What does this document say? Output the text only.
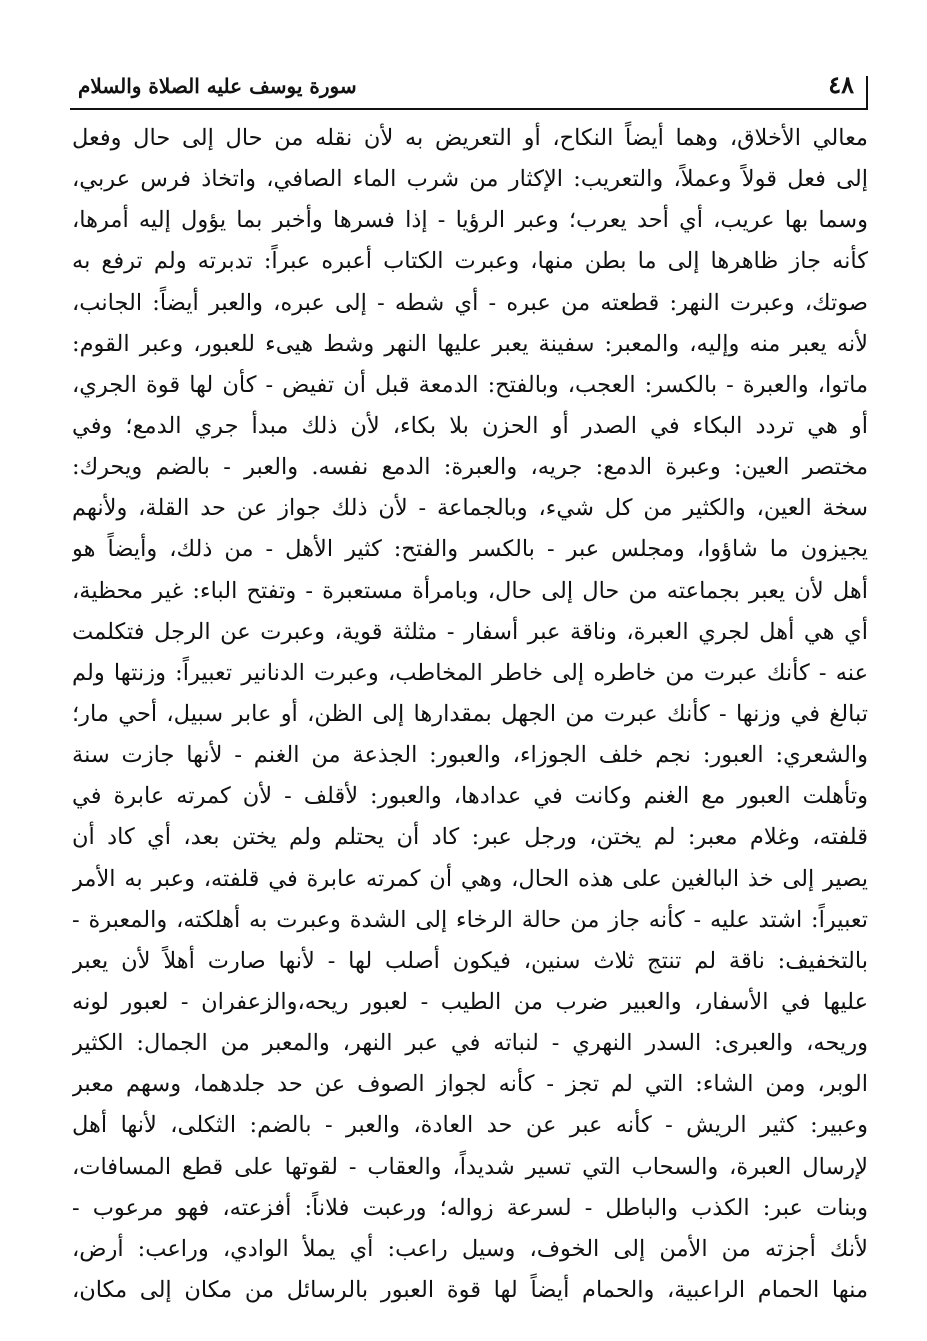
٤٨
سورة يوسف عليه الصلاة والسلام
معالي الأخلاق، وهما أيضاً النكاح، أو التعريض به لأن نقله من حال إلى حال وفعل
إلى فعل قولاً وعملاً، والتعريب: الإكثار من شرب الماء الصافي، واتخاذ فرس عربي،
وسما بها عريب، أي أحد يعرب؛ وعبر الرؤيا - إذا فسرها وأخبر بما يؤول إليه أمرها،
كأنه جاز ظاهرها إلى ما بطن منها، وعبرت الكتاب أعبره عبراً: تدبرته ولم ترفع به
صوتك، وعبرت النهر: قطعته من عبره - أي شطه - إلى عبره، والعبر أيضاً: الجانب،
لأنه يعبر منه وإليه، والمعبر: سفينة يعبر عليها النهر وشط هيىء للعبور، وعبر القوم:
ماتوا، والعبرة - بالكسر: العجب، وبالفتح: الدمعة قبل أن تفيض - كأن لها قوة الجري،
أو هي تردد البكاء في الصدر أو الحزن بلا بكاء، لأن ذلك مبدأ جري الدمع؛ وفي
مختصر العين: وعبرة الدمع: جريه، والعبرة: الدمع نفسه. والعبر - بالضم ويحرك:
سخة العين، والكثير من كل شيء، وبالجماعة - لأن ذلك جواز عن حد القلة، ولأنهم
يجيزون ما شاؤوا، ومجلس عبر - بالكسر والفتح: كثير الأهل - من ذلك، وأيضاً هو
أهل لأن يعبر بجماعته من حال إلى حال، وبامرأة مستعبرة - وتفتح الباء: غير محظية،
أي هي أهل لجري العبرة، وناقة عبر أسفار - مثلثة قوية، وعبرت عن الرجل فتكلمت
عنه - كأنك عبرت من خاطره إلى خاطر المخاطب، وعبرت الدنانير تعبيراً: وزنتها ولم
تبالغ في وزنها - كأنك عبرت من الجهل بمقدارها إلى الظن، أو عابر سبيل، أحي مار؛
والشعري: العبور: نجم خلف الجوزاء، والعبور: الجذعة من الغنم - لأنها جازت سنة
وتأهلت العبور مع الغنم وكانت في عدادها، والعبور: لأقلف - لأن كمرته عابرة في
قلفته، وغلام معبر: لم يختن، ورجل عبر: كاد أن يحتلم ولم يختن بعد، أي كاد أن
يصير إلى خذ البالغين على هذه الحال، وهي أن كمرته عابرة في قلفته، وعبر به الأمر
تعبيراً: اشتد عليه - كأنه جاز من حالة الرخاء إلى الشدة وعبرت به أهلكته، والمعبرة -
بالتخفيف: ناقة لم تنتج ثلاث سنين، فيكون أصلب لها - لأنها صارت أهلاً لأن يعبر
عليها في الأسفار، والعبير ضرب من الطيب - لعبور ريحه،والزعفران - لعبور لونه
وريحه، والعبرى: السدر النهري - لنباته في عبر النهر، والمعبر من الجمال: الكثير
الوبر، ومن الشاء: التي لم تجز - كأنه لجواز الصوف عن حد جلدهما، وسهم معبر
وعبير: كثير الريش - كأنه عبر عن حد العادة، والعبر - بالضم: الثكلى، لأنها أهل
لإرسال العبرة، والسحاب التي تسير شديداً، والعقاب - لقوتها على قطع المسافات،
وبنات عبر: الكذب والباطل - لسرعة زواله؛ ورعبت فلاناً: أفزعته، فهو مرعوب -
لأنك أجزته من الأمن إلى الخوف، وسيل راعب: أي يملأ الوادي، وراعب: أرض،
منها الحمام الراعبية، والحمام أيضاً لها قوة العبور بالرسائل من مكان إلى مكان،
